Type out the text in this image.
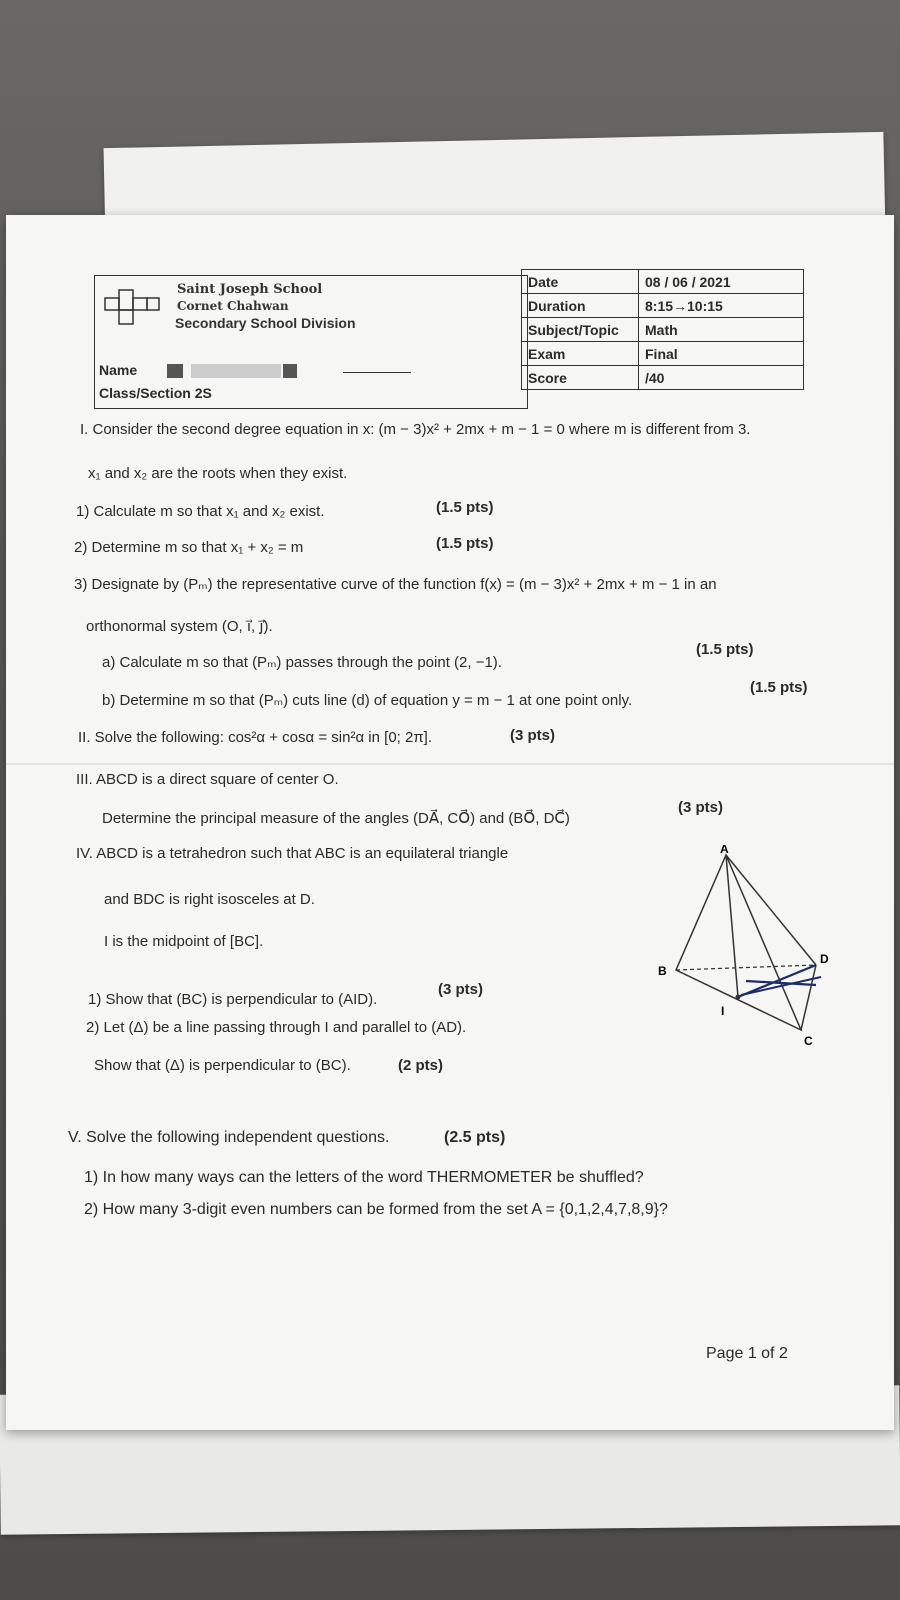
Saint Joseph School
Cornet Chahwan
Secondary School Division
Name
Class/Section 2S
Date	08 / 06 / 2021
Duration	8:15→10:15
Subject/Topic	Math
Exam	Final
Score	/40
I. Consider the second degree equation in x: (m − 3)x² + 2mx + m − 1 = 0 where m is different from 3.
x₁ and x₂ are the roots when they exist.
1) Calculate m so that x₁ and x₂ exist.	(1.5 pts)
2) Determine m so that x₁ + x₂ = m	(1.5 pts)
3) Designate by (Pₘ) the representative curve of the function f(x) = (m − 3)x² + 2mx + m − 1 in an
orthonormal system (O, i⃗, j⃗).
a) Calculate m so that (Pₘ) passes through the point (2, −1).
(1.5 pts)
b) Determine m so that (Pₘ) cuts line (d) of equation y = m − 1 at one point only.
(1.5 pts)
II. Solve the following: cos²α + cosα = sin²α in [0; 2π].	(3 pts)
III. ABCD is a direct square of center O.
Determine the principal measure of the angles (DA⃗, CO⃗) and (BO⃗, DC⃗)
(3 pts)
IV. ABCD is a tetrahedron such that ABC is an equilateral triangle
and BDC is right isosceles at D.
I is the midpoint of [BC].
1) Show that (BC) is perpendicular to (AID).
(3 pts)
2) Let (Δ) be a line passing through I and parallel to (AD).
Show that (Δ) is perpendicular to (BC).	(2 pts)
A
B
C
D
I
V. Solve the following independent questions.	(2.5 pts)
1) In how many ways can the letters of the word THERMOMETER be shuffled?
2) How many 3-digit even numbers can be formed from the set A = {0,1,2,4,7,8,9}?
Page 1 of 2
